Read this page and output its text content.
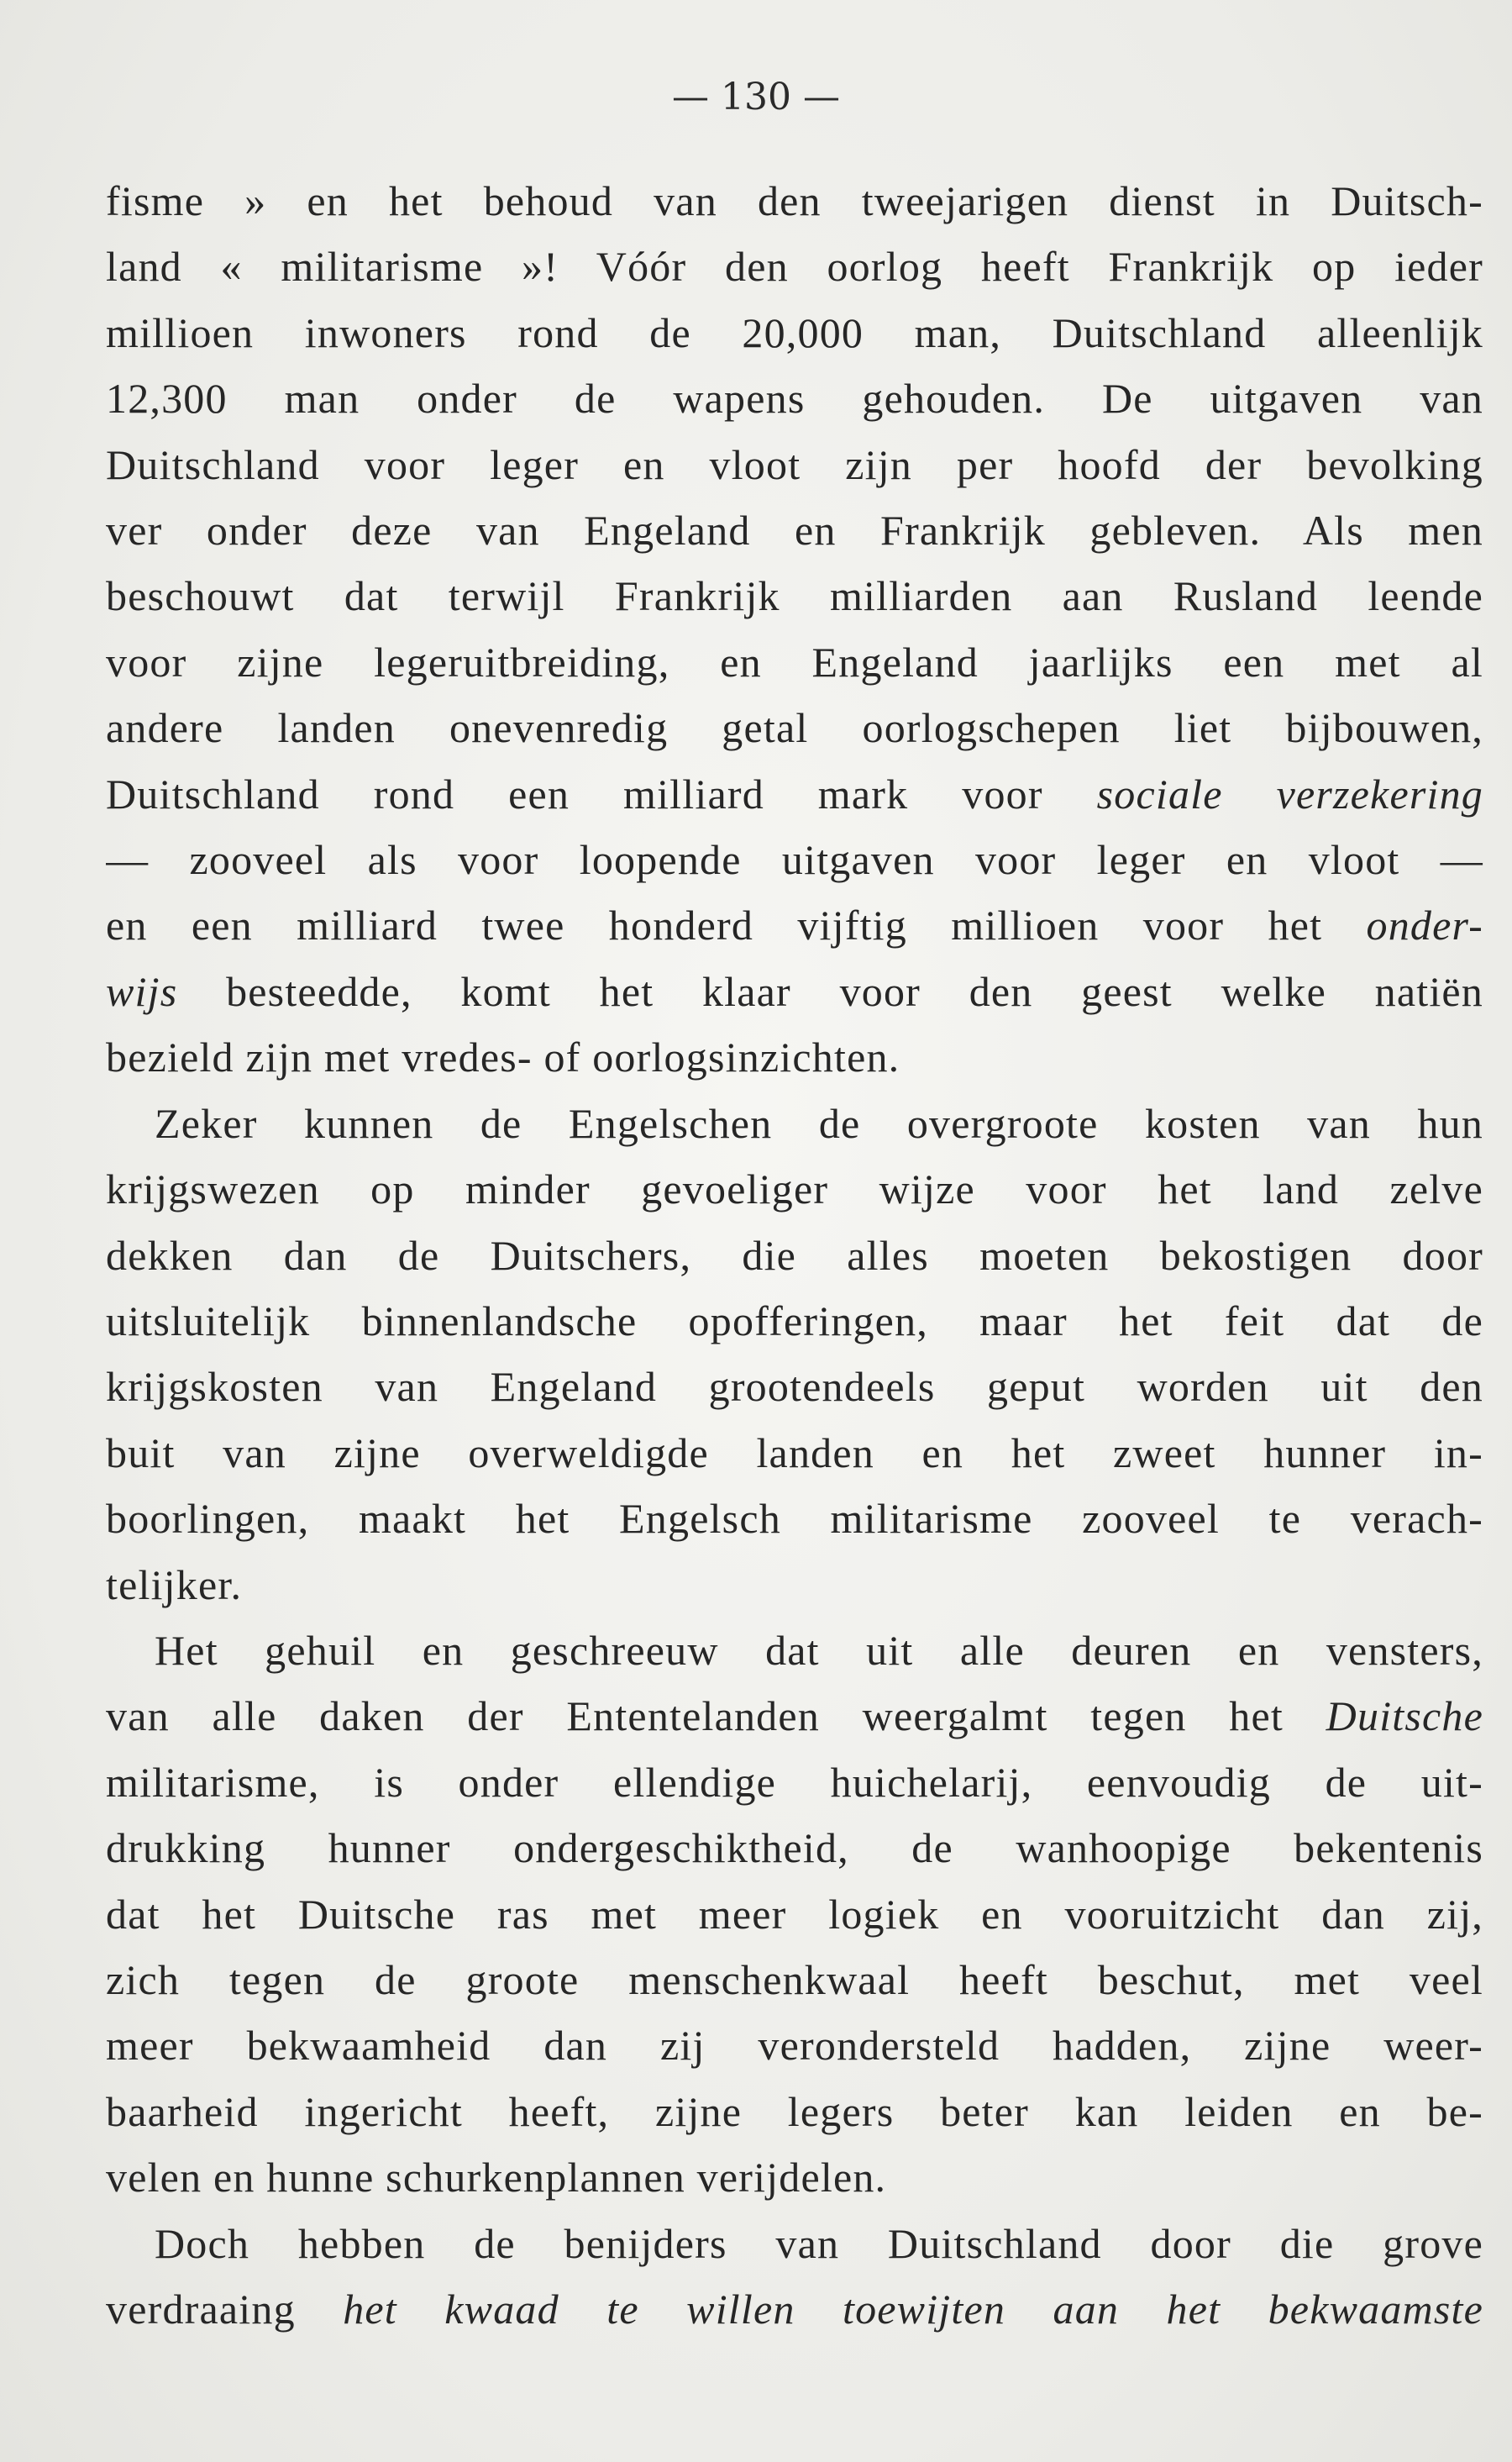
— 130 —
fisme » en het behoud van den tweejarigen dienst in Duitsch-
land « militarisme »! Vóór den oorlog heeft Frankrijk op ieder
millioen inwoners rond de 20,000 man, Duitschland alleenlijk
12,300 man onder de wapens gehouden. De uitgaven van
Duitschland voor leger en vloot zijn per hoofd der bevolking
ver onder deze van Engeland en Frankrijk gebleven. Als men
beschouwt dat terwijl Frankrijk milliarden aan Rusland leende
voor zijne legeruitbreiding, en Engeland jaarlijks een met al
andere landen onevenredig getal oorlogschepen liet bijbouwen,
Duitschland rond een milliard mark voor sociale verzekering
— zooveel als voor loopende uitgaven voor leger en vloot —
en een milliard twee honderd vijftig millioen voor het onder-
wijs besteedde, komt het klaar voor den geest welke natiën
bezield zijn met vredes- of oorlogsinzichten.
Zeker kunnen de Engelschen de overgroote kosten van hun
krijgswezen op minder gevoeliger wijze voor het land zelve
dekken dan de Duitschers, die alles moeten bekostigen door
uitsluitelijk binnenlandsche opofferingen, maar het feit dat de
krijgskosten van Engeland grootendeels geput worden uit den
buit van zijne overweldigde landen en het zweet hunner in-
boorlingen, maakt het Engelsch militarisme zooveel te verach-
telijker.
Het gehuil en geschreeuw dat uit alle deuren en vensters,
van alle daken der Ententelanden weergalmt tegen het Duitsche
militarisme, is onder ellendige huichelarij, eenvoudig de uit-
drukking hunner ondergeschiktheid, de wanhoopige bekentenis
dat het Duitsche ras met meer logiek en vooruitzicht dan zij,
zich tegen de groote menschenkwaal heeft beschut, met veel
meer bekwaamheid dan zij verondersteld hadden, zijne weer-
baarheid ingericht heeft, zijne legers beter kan leiden en be-
velen en hunne schurkenplannen verijdelen.
Doch hebben de benijders van Duitschland door die grove
verdraaing het kwaad te willen toewijten aan het bekwaamste
